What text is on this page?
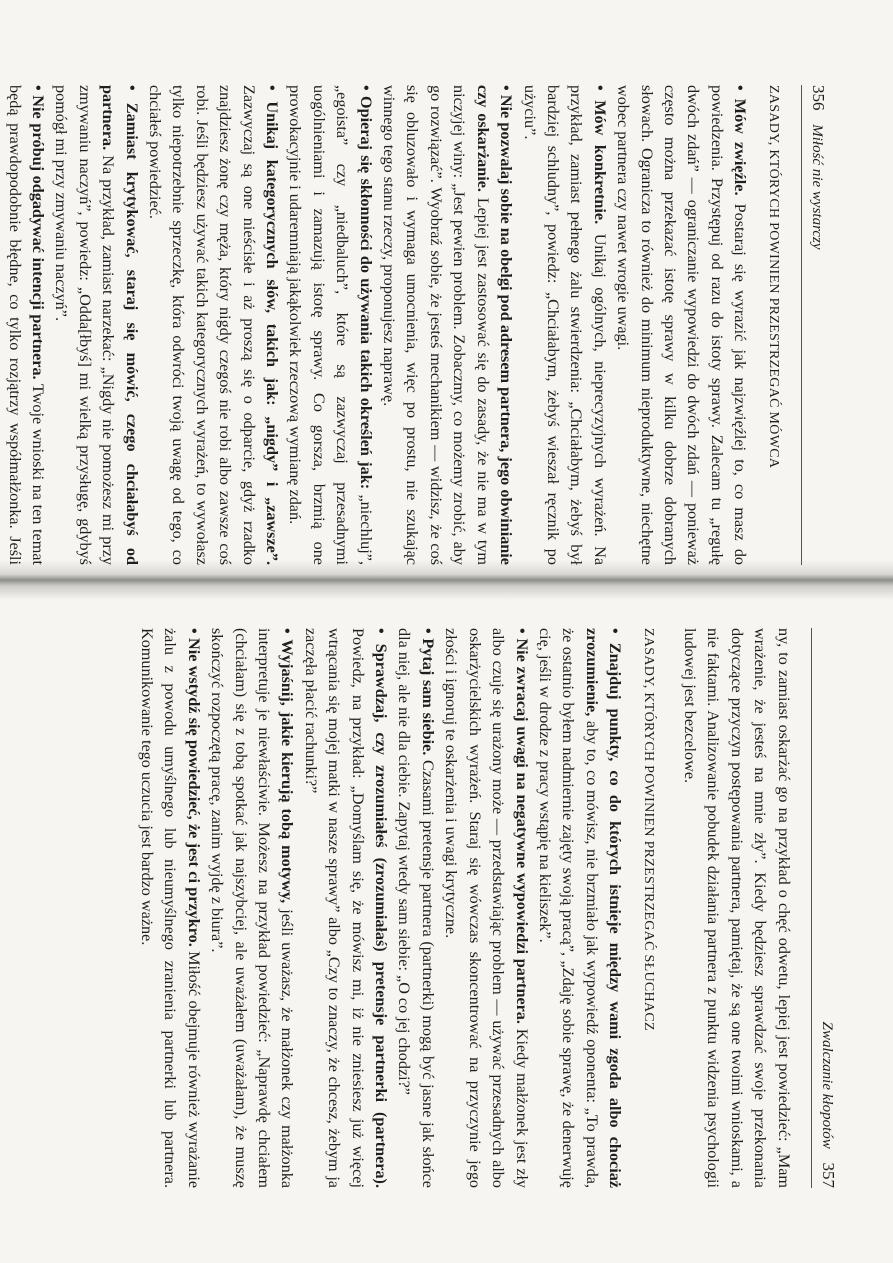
356 Miłość nie wystarczy
ZASADY, KTÓRYCH POWINIEN PRZESTRZEGAĆ MÓWCA

• Mów zwięźle. Postaraj się wyrazić jak najzwięźlej to, co masz do powiedzenia. Przystępuj od razu do istoty sprawy. Zalecam tu „regułę dwóch zdań” — ograniczanie wypowiedzi do dwóch zdań — ponieważ często można przekazać istotę sprawy w kilku dobrze dobranych słowach. Ogranicza to również do minimum nieproduktywne, niechętne wobec partnera czy nawet wrogie uwagi.

• Mów konkretnie. Unikaj ogólnych, nieprecyzyjnych wyrażeń. Na przykład, zamiast pełnego żalu stwierdzenia: „Chciałabym, żebyś był bardziej schludny”, powiedz: „Chciałabym, żebyś wieszał ręcznik po użyciu”.

• Nie pozwalaj sobie na obelgi pod adresem partnera, jego obwinianie czy oskarżanie. Lepiej jest zastosować się do zasady, że nie ma w tym niczyjej winy: „Jest pewien problem. Zobaczmy, co możemy zrobić, aby go rozwiązać”. Wyobraź sobie, że jesteś mechanikiem — widzisz, że coś się obluzowało i wymaga umocnienia, więc po prostu, nie szukając winnego tego stanu rzeczy, proponujesz naprawę.

• Opieraj się skłonności do używania takich określeń jak: „niechluj”, „egoista” czy „niedbaluch”, które są zazwyczaj przesadnymi uogólnieniami i zamazują istotę sprawy. Co gorsza, brzmią one prowokacyjnie i udaremniają jakąkolwiek rzeczową wymianę zdań.

• Unikaj kategorycznych słów, takich jak: „nigdy” i „zawsze”. Zazwyczaj są one nieścisłe i aż proszą się o odparcie, gdyż rzadko znajdziesz żonę czy męża, który nigdy czegoś nie robi albo zawsze coś robi. Jeśli będziesz używać takich kategorycznych wyrażeń, to wywołasz tylko niepotrzebnie sprzeczkę, która odwróci twoją uwagę od tego, co chciałeś powiedzieć.

• Zamiast krytykować, staraj się mówić, czego chciałabyś od partnera. Na przykład, zamiast narzekać: „Nigdy nie pomożesz mi przy zmywaniu naczyń”, powiedz: „Odda[łbyś] mi wielką przysługę, gdybyś pomógł mi przy zmywaniu naczyń”.

• Nie próbuj odgadywać intencji partnera. Twoje wnioski na ten temat będą prawdopodobnie błędne, co tylko rozjątrzy współmałżonka. Jeśli

Zwalczanie kłopotów 357

ny, to zamiast oskarżać go na przykład o chęć odwetu, lepiej jest powiedzieć: „Mam wrażenie, że jesteś na mnie zły”. Kiedy będziesz sprawdzać swoje przekonania dotyczące przyczyn postępowania partnera, pamiętaj, że są one twoimi wnioskami, a nie faktami. Analizowanie pobudek działania partnera z punktu widzenia psychologii ludowej jest bezcelowe.

ZASADY, KTÓRYCH POWINIEN PRZESTRZEGAĆ SŁUCHACZ

• Znajduj punkty, co do których istnieje między wami zgoda albo chociaż zrozumienie, aby to, co mówisz, nie brzmiało jak wypowiedź oponenta: „To prawda, że ostatnio byłem nadmiernie zajęty swoją pracą”, „Zdaję sobie sprawę, że denerwuję cię, jeśli w drodze z pracy wstąpię na kieliszek”.

• Nie zwracaj uwagi na negatywne wypowiedzi partnera. Kiedy małżonek jest zły albo czuje się urażony może — przedstawiając problem — używać przesadnych albo oskarżycielskich wyrażeń. Staraj się wówczas skoncentrować na przyczynie jego złości i ignoruj te oskarżenia i uwagi krytyczne.

• Pytaj sam siebie. Czasami pretensje partnera (partnerki) mogą być jasne jak słońce dla niej, ale nie dla ciebie. Zapytaj wtedy sam siebie: „O co jej chodzi?”

• Sprawdzaj, czy zrozumiałeś (zrozumiałaś) pretensje partnerki (partnera). Powiedz, na przykład: „Domyślam się, że mówisz mi, iż nie zniesiesz już więcej wtrącania się mojej matki w nasze sprawy” albo „Czy to znaczy, że chcesz, żebym ja zaczęła płacić rachunki?”

• Wyjaśnij, jakie kierują tobą motywy, jeśli uważasz, że małżonek czy małżonka interpretuje je niewłaściwie. Możesz na przykład powiedzieć: „Naprawdę chciałem (chciałam) się z tobą spotkać jak najszybciej, ale uważałem (uważałam), że muszę skończyć rozpoczętą pracę, zanim wyjdę z biura”.

• Nie wstydź się powiedzieć, że jest ci przykro. Miłość obejmuje również wyrażanie żalu z powodu umyślnego lub nieumyślnego zranienia partnerki lub partnera. Komunikowanie tego uczucia jest bardzo ważne.
